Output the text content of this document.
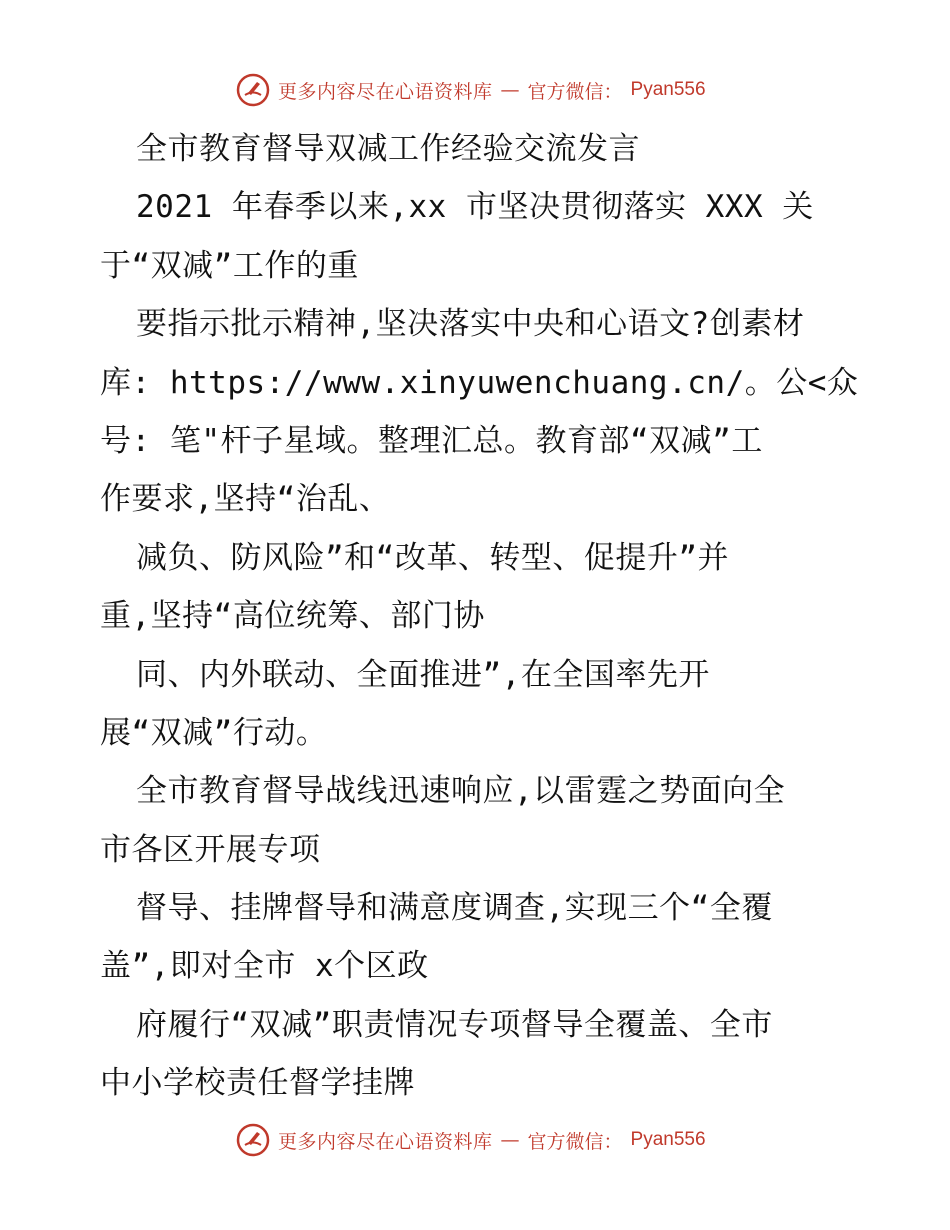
更多内容尽在心语资料库 — 官方微信： Pyan556
全市教育督导双减工作经验交流发言
2021 年春季以来,xx 市坚决贯彻落实 XXX 关
于“双减”工作的重
要指示批示精神,坚决落实中央和心语文?创素材
库: https://www.xinyuwenchuang.cn/。公<众
号: 笔"杆子星域。整理汇总。教育部“双减”工
作要求,坚持“治乱、
减负、防风险”和“改革、转型、促提升”并
重,坚持“高位统筹、部门协
同、内外联动、全面推进”,在全国率先开
展“双减”行动。
全市教育督导战线迅速响应,以雷霆之势面向全
市各区开展专项
督导、挂牌督导和满意度调查,实现三个“全覆
盖”,即对全市 x个区政
府履行“双减”职责情况专项督导全覆盖、全市
中小学校责任督学挂牌
更多内容尽在心语资料库 — 官方微信： Pyan556
